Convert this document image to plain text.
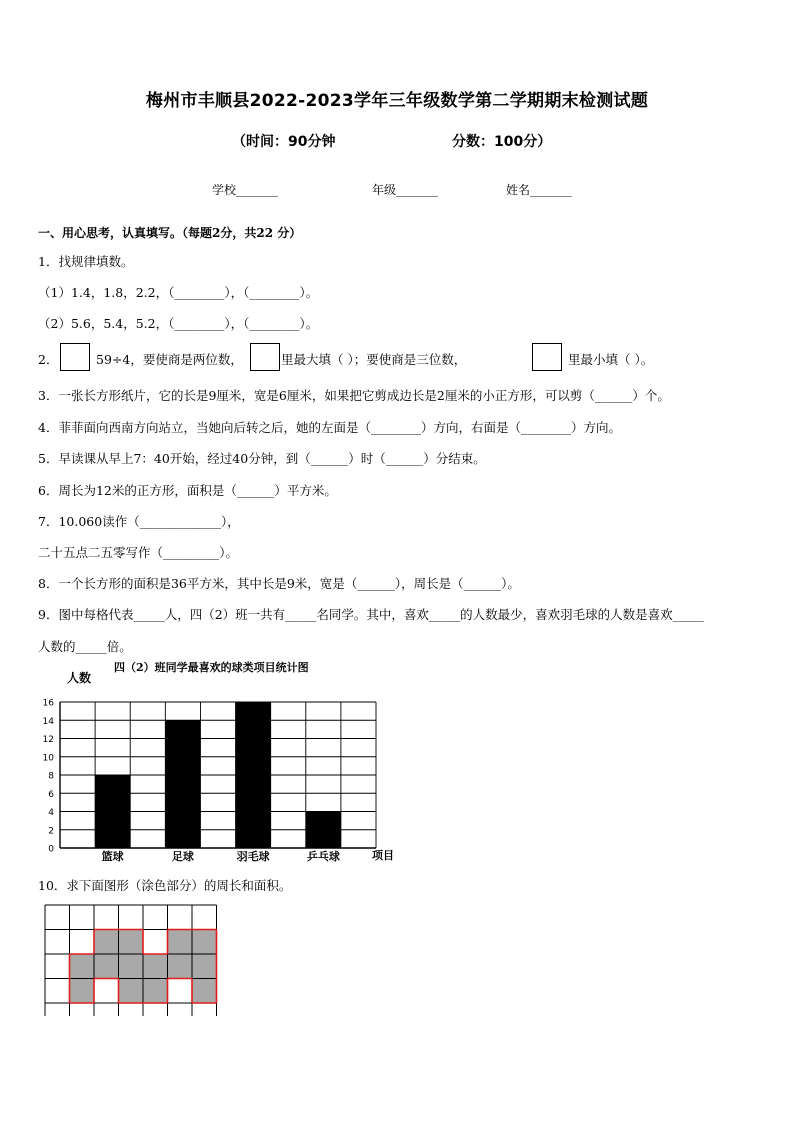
梅州市丰顺县2022-2023学年三年级数学第二学期期末检测试题
（时间：90分钟	分数：100分）
学校_______	年级_______	姓名_______
一、用心思考，认真填写。（每题2分，共22 分）
1．找规律填数。
（1）1.4，1.8，2.2，（________），（________）。
（2）5.6，5.4，5.2，（________），（________）。
2．	59÷4，要使商是两位数，	里最大填（ ）；要使商是三位数，	里最小填（ ）。
3．一张长方形纸片，它的长是9厘米，宽是6厘米，如果把它剪成边长是2厘米的小正方形，可以剪（______）个。
4．菲菲面向西南方向站立，当她向后转之后，她的左面是（________）方向，右面是（________）方向。
5．早读课从早上7：40开始，经过40分钟，到（______）时（______）分结束。
6．周长为12米的正方形，面积是（______）平方米。
7．10.060读作（_____________），
二十五点二五零写作（_________）。
8．一个长方形的面积是36平方米，其中长是9米，宽是（______），周长是（______）。
9．图中每格代表_____人，四（2）班一共有_____名同学。其中，喜欢_____的人数最少，喜欢羽毛球的人数是喜欢_____
人数的_____倍。
四（2）班同学最喜欢的球类项目统计图
人数
0
2
4
6
8
10
12
14
16
篮球	足球	羽毛球	乒乓球	项目
10．求下面图形（涂色部分）的周长和面积。
